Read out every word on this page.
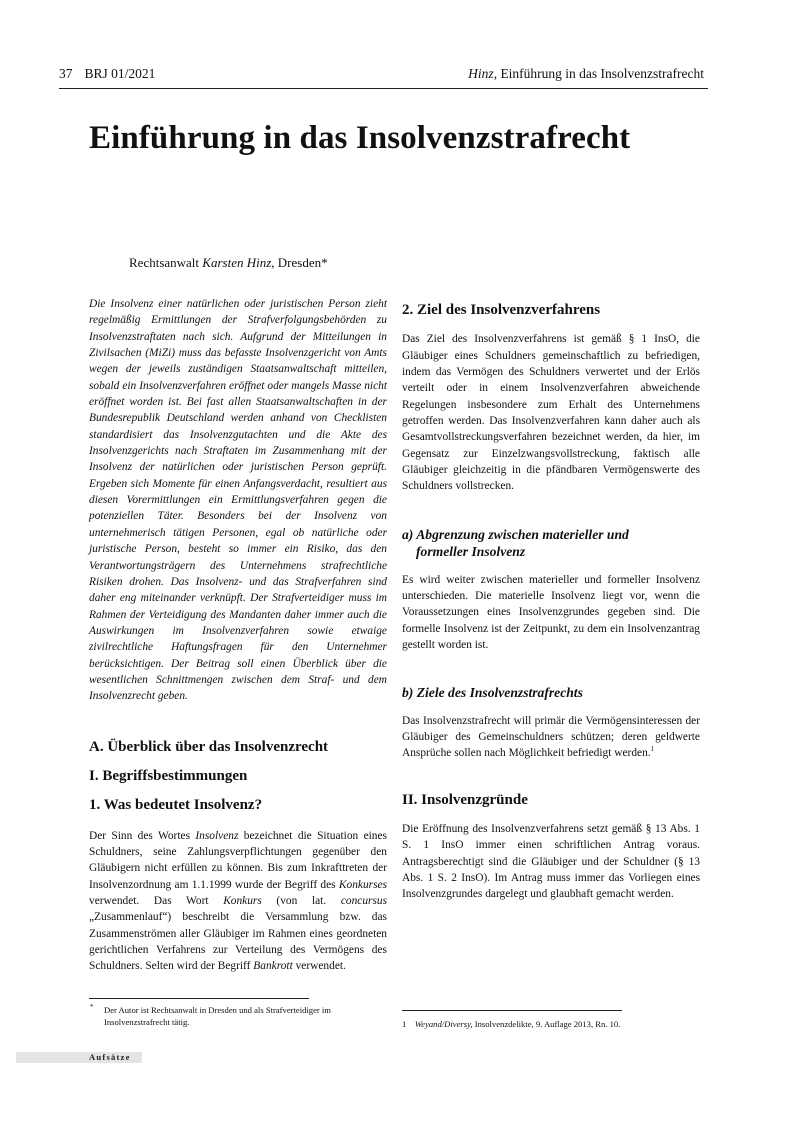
37 BRJ 01/2021	Hinz, Einführung in das Insolvenzstrafrecht
Einführung in das Insolvenzstrafrecht
Rechtsanwalt Karsten Hinz, Dresden*

Die Insolvenz einer natürlichen oder juristischen Person zieht regelmäßig Ermittlungen der Strafverfolgungsbehörden zu Insolvenzstraftaten nach sich. Aufgrund der Mitteilungen in Zivilsachen (MiZi) muss das befasste Insolvenzgericht von Amts wegen der jeweils zuständigen Staatsanwaltschaft mitteilen, sobald ein Insolvenzverfahren eröffnet oder mangels Masse nicht eröffnet worden ist. Bei fast allen Staatsanwaltschaften in der Bundesrepublik Deutschland werden anhand von Checklisten standardisiert das Insolvenzgutachten und die Akte des Insolvenzgerichts nach Straftaten im Zusammenhang mit der Insolvenz der natürlichen oder juristischen Person geprüft. Ergeben sich Momente für einen Anfangsverdacht, resultiert aus diesen Vorermittlungen ein Ermittlungsverfahren gegen die potenziellen Täter. Besonders bei der Insolvenz von unternehmerisch tätigen Personen, egal ob natürliche oder juristische Person, besteht so immer ein Risiko, das den Verantwortungsträgern des Unternehmens strafrechtliche Risiken drohen. Das Insolvenz- und das Strafverfahren sind daher eng miteinander verknüpft. Der Strafverteidiger muss im Rahmen der Verteidigung des Mandanten daher immer auch die Auswirkungen im Insolvenzverfahren sowie etwaige zivilrechtliche Haftungsfragen für den Unternehmer berücksichtigen. Der Beitrag soll einen Überblick über die wesentlichen Schnittmengen zwischen dem Straf- und dem Insolvenzrecht geben.

A. Überblick über das Insolvenzrecht
I. Begriffsbestimmungen
1. Was bedeutet Insolvenz?

Der Sinn des Wortes Insolvenz bezeichnet die Situation eines Schuldners, seine Zahlungsverpflichtungen gegenüber den Gläubigern nicht erfüllen zu können. Bis zum Inkrafttreten der Insolvenzordnung am 1.1.1999 wurde der Begriff des Konkurses verwendet. Das Wort Konkurs (von lat. concursus „Zusammenlauf“) beschreibt die Versammlung bzw. das Zusammenströmen aller Gläubiger im Rahmen eines geordneten gerichtlichen Verfahrens zur Verteilung des Vermögens des Schuldners. Selten wird der Begriff Bankrott verwendet.

2. Ziel des Insolvenzverfahrens

Das Ziel des Insolvenzverfahrens ist gemäß § 1 InsO, die Gläubiger eines Schuldners gemeinschaftlich zu befriedigen, indem das Vermögen des Schuldners verwertet und der Erlös verteilt oder in einem Insolvenzverfahren abweichende Regelungen insbesondere zum Erhalt des Unternehmens getroffen werden. Das Insolvenzverfahren kann daher auch als Gesamtvollstreckungsverfahren bezeichnet werden, da hier, im Gegensatz zur Einzelzwangsvollstreckung, faktisch alle Gläubiger gleichzeitig in die pfändbaren Vermögenswerte des Schuldners vollstrecken.

a) Abgrenzung zwischen materieller und
formeller Insolvenz

Es wird weiter zwischen materieller und formeller Insolvenz unterschieden. Die materielle Insolvenz liegt vor, wenn die Voraussetzungen eines Insolvenzgrundes gegeben sind. Die formelle Insolvenz ist der Zeitpunkt, zu dem ein Insolvenzantrag gestellt worden ist.

b) Ziele des Insolvenzstrafrechts

Das Insolvenzstrafrecht will primär die Vermögensinteressen der Gläubiger des Gemeinschuldners schützen; deren geldwerte Ansprüche sollen nach Möglichkeit befriedigt werden.$^1$

II. Insolvenzgründe

Die Eröffnung des Insolvenzverfahrens setzt gemäß § 13 Abs. 1 S. 1 InsO immer einen schriftlichen Antrag voraus. Antragsberechtigt sind die Gläubiger und der Schuldner (§ 13 Abs. 1 S. 2 InsO). Im Antrag muss immer das Vorliegen eines Insolvenzgrundes dargelegt und glaubhaft gemacht werden.

* Der Autor ist Rechtsanwalt in Dresden und als Strafverteidiger im Insolvenzstrafrecht tätig.	1 Weyand/Diversy, Insolvenzdelikte, 9. Auflage 2013, Rn. 10.
Aufsätze
